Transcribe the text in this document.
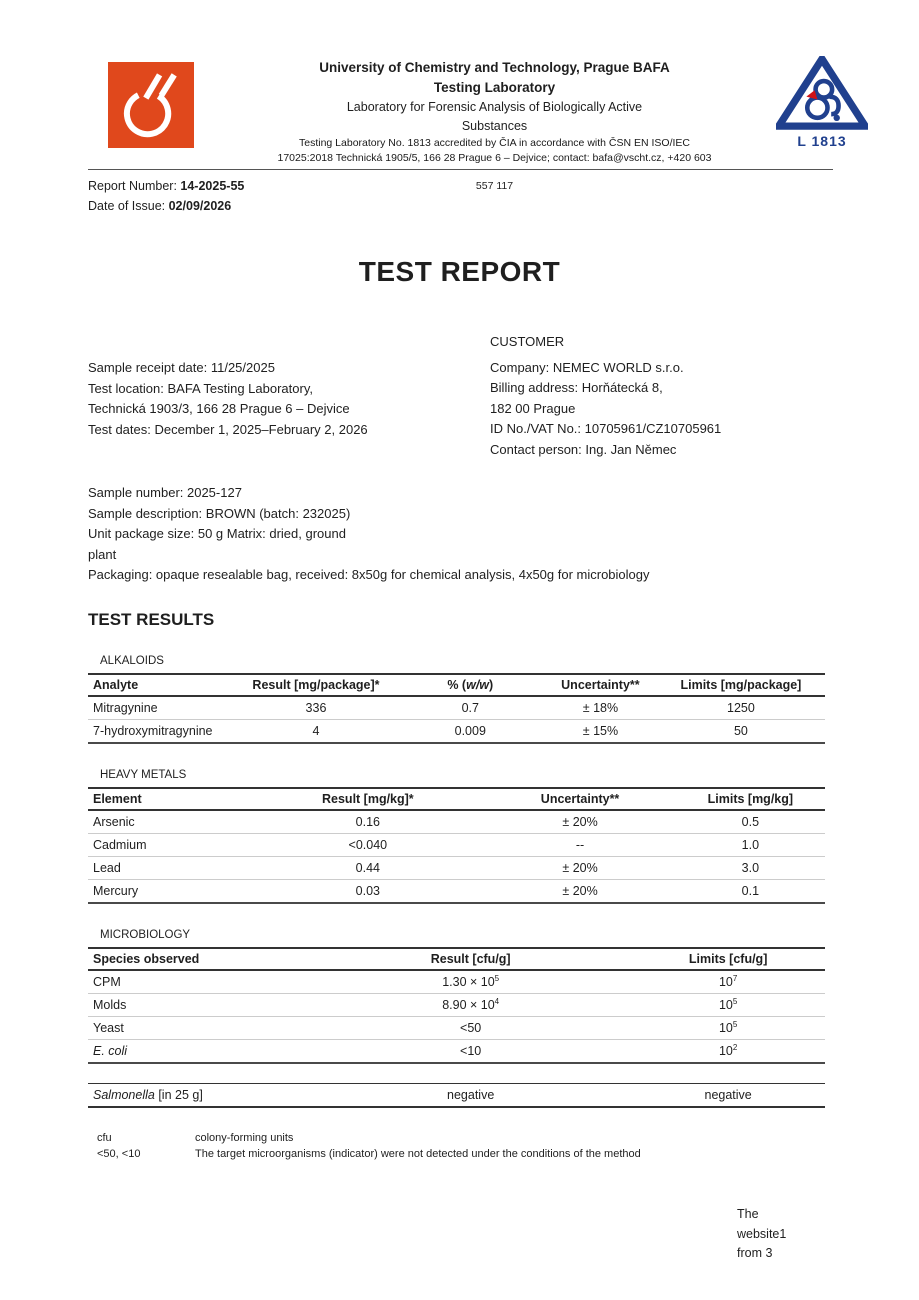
University of Chemistry and Technology, Prague BAFA
Testing Laboratory
Laboratory for Forensic Analysis of Biologically Active
Substances
Testing Laboratory No. 1813 accredited by ČIA in accordance with ČSN EN ISO/IEC
17025:2018 Technická 1905/5, 166 28 Prague 6 – Dejvice; contact: bafa@vscht.cz, +420 603
L 1813
Report Number: 14-2025-55	557 117
Date of Issue: 02/09/2026
TEST REPORT
Sample receipt date: 11/25/2025
Test location: BAFA Testing Laboratory,
Technická 1903/3, 166 28 Prague 6 – Dejvice
Test dates: December 1, 2025–February 2, 2026
CUSTOMER
Company: NEMEC WORLD s.r.o.
Billing address: Horňátecká 8,
182 00 Prague
ID No./VAT No.: 10705961/CZ10705961
Contact person: Ing. Jan Němec
Sample number: 2025-127
Sample description: BROWN (batch: 232025)
Unit package size: 50 g Matrix: dried, ground
plant
Packaging: opaque resealable bag, received: 8x50g for chemical analysis, 4x50g for microbiology
TEST RESULTS
ALKALOIDS
Analyte	Result [mg/package]*	% (w/w)	Uncertainty**	Limits [mg/package]
Mitragynine	336	0.7	± 18%	1250
7-hydroxymitragynine	4	0.009	± 15%	50
HEAVY METALS
Element	Result [mg/kg]*	Uncertainty**	Limits [mg/kg]
Arsenic	0.16	± 20%	0.5
Cadmium	<0.040	--	1.0
Lead	0.44	± 20%	3.0
Mercury	0.03	± 20%	0.1
MICROBIOLOGY
Species observed	Result [cfu/g]	Limits [cfu/g]
CPM	$1.30 \times 10^5$	$10^7$
Molds	$8.90 \times 10^4$	$10^5$
Yeast	<50	$10^5$
E. coli	<10	$10^2$
Salmonella [in 25 g]	negative	negative
cfu	colony-forming units
<50, <10	The target microorganisms (indicator) were not detected under the conditions of the method
The
website1
from 3
